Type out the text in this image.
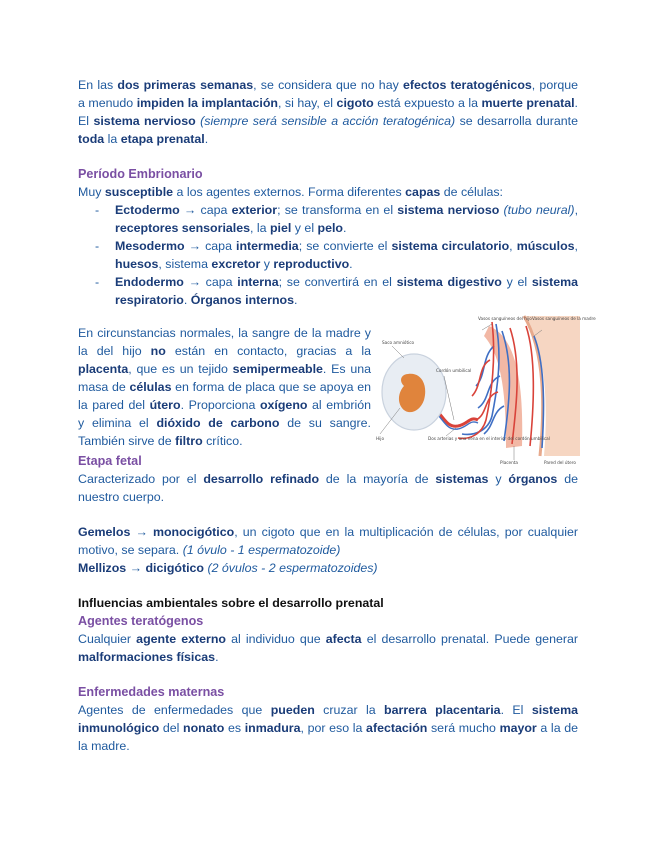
En las dos primeras semanas, se considera que no hay efectos teratogénicos, porque a menudo impiden la implantación, si hay, el cigoto está expuesto a la muerte prenatal. El sistema nervioso (siempre será sensible a acción teratogénica) se desarrolla durante toda la etapa prenatal.

Período Embrionario

Muy susceptible a los agentes externos. Forma diferentes capas de células:

- Ectodermo → capa exterior; se transforma en el sistema nervioso (tubo neural), receptores sensoriales, la piel y el pelo.
- Mesodermo → capa intermedia; se convierte el sistema circulatorio, músculos, huesos, sistema excretor y reproductivo.
- Endodermo → capa interna; se convertirá en el sistema digestivo y el sistema respiratorio. Órganos internos.

En circunstancias normales, la sangre de la madre y la del hijo no están en contacto, gracias a la placenta, que es un tejido semipermeable. Es una masa de células en forma de placa que se apoya en la pared del útero. Proporciona oxígeno al embrión y elimina el dióxido de carbono de su sangre. También sirve de filtro crítico.

Vasos sanguíneos del hijo Vasos sanguíneos de la madre
Saco amniótico
Cordón umbilical
Hijo	Dos arterias y una vena en el interior del cordón umbilical
Placenta	Pared del útero
Etapa fetal

Caracterizado por el desarrollo refinado de la mayoría de sistemas y órganos de nuestro cuerpo.

Gemelos → monocigótico, un cigoto que en la multiplicación de células, por cualquier motivo, se separa. (1 óvulo - 1 espermatozoide)
Mellizos → dicigótico (2 óvulos - 2 espermatozoides)

Influencias ambientales sobre el desarrollo prenatal
Agentes teratógenos

Cualquier agente externo al individuo que afecta el desarrollo prenatal. Puede generar malformaciones físicas.

Enfermedades maternas

Agentes de enfermedades que pueden cruzar la barrera placentaria. El sistema inmunológico del nonato es inmadura, por eso la afectación será mucho mayor a la de la madre.
